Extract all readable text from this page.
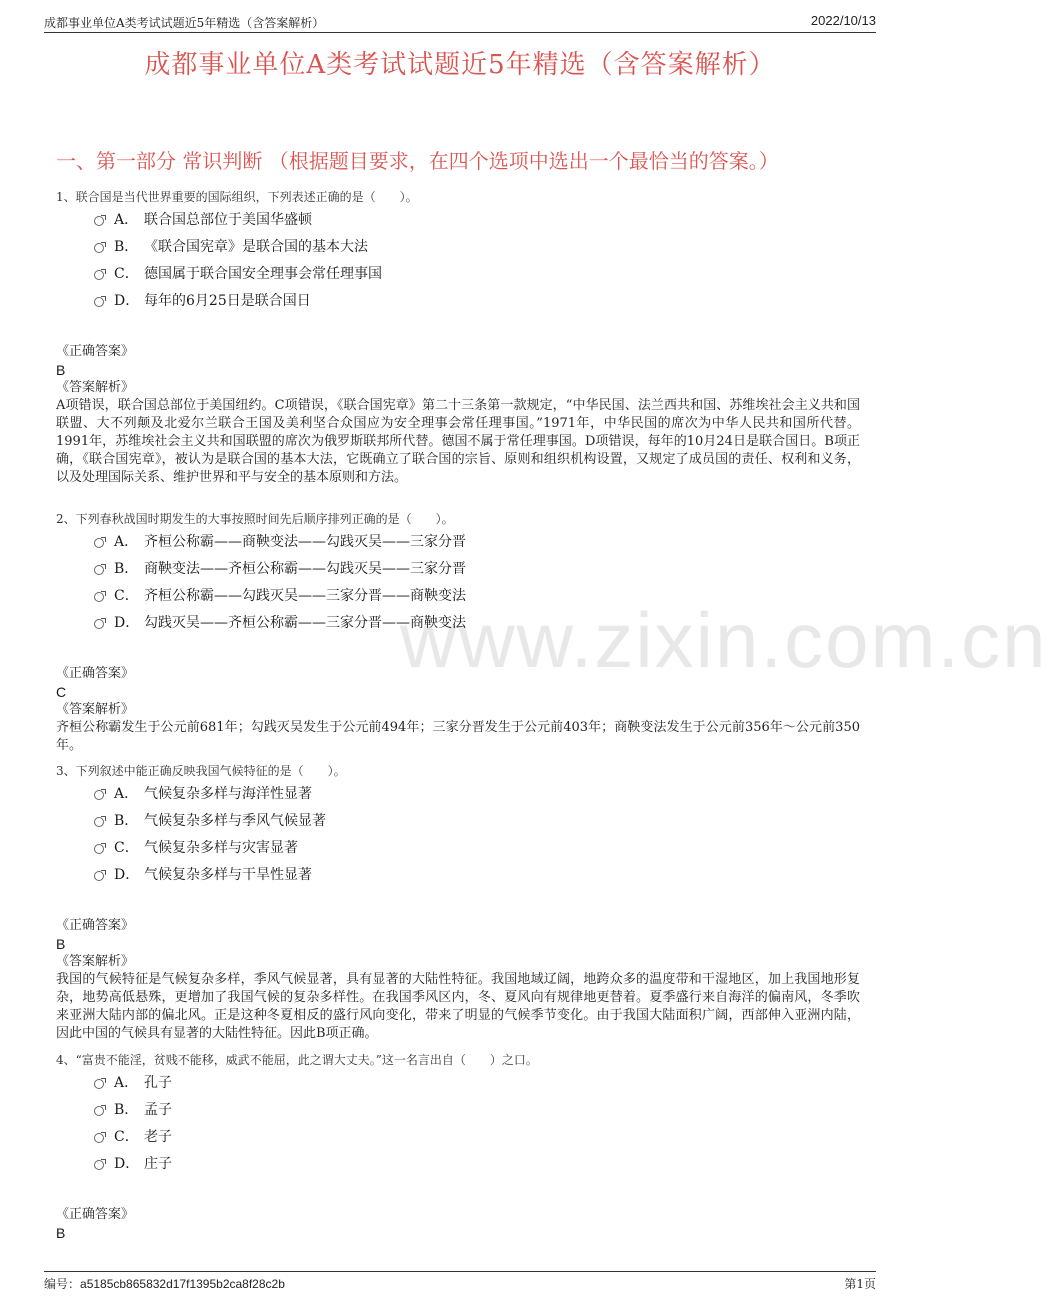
www.zixin.com.cn
成都事业单位A类考试试题近5年精选（含答案解析）	2022/10/13
成都事业单位A类考试试题近5年精选（含答案解析）
一、第一部分 常识判断 （根据题目要求，在四个选项中选出一个最恰当的答案。）

1、联合国是当代世界重要的国际组织，下列表述正确的是（　　）。

A． 联合国总部位于美国华盛顿
B． 《联合国宪章》是联合国的基本大法
C． 德国属于联合国安全理事会常任理事国
D． 每年的6月25日是联合国日

《正确答案》

B

《答案解析》

A项错误，联合国总部位于美国纽约。C项错误，《联合国宪章》第二十三条第一款规定，“中华民国、法兰西共和国、苏维埃社会主义共和国联盟、大不列颠及北爱尔兰联合王国及美利坚合众国应为安全理事会常任理事国。”1971年，中华民国的席次为中华人民共和国所代替。1991年，苏维埃社会主义共和国联盟的席次为俄罗斯联邦所代替。德国不属于常任理事国。D项错误，每年的10月24日是联合国日。B项正确，《联合国宪章》，被认为是联合国的基本大法，它既确立了联合国的宗旨、原则和组织机构设置，又规定了成员国的责任、权利和义务，以及处理国际关系、维护世界和平与安全的基本原则和方法。

2、下列春秋战国时期发生的大事按照时间先后顺序排列正确的是（　　）。

A． 齐桓公称霸——商鞅变法——勾践灭吴——三家分晋
B． 商鞅变法——齐桓公称霸——勾践灭吴——三家分晋
C． 齐桓公称霸——勾践灭吴——三家分晋——商鞅变法
D． 勾践灭吴——齐桓公称霸——三家分晋——商鞅变法

《正确答案》

C

《答案解析》

齐桓公称霸发生于公元前681年；勾践灭吴发生于公元前494年；三家分晋发生于公元前403年；商鞅变法发生于公元前356年～公元前350年。

3、下列叙述中能正确反映我国气候特征的是（　　）。

A． 气候复杂多样与海洋性显著
B． 气候复杂多样与季风气候显著
C． 气候复杂多样与灾害显著
D． 气候复杂多样与干旱性显著

《正确答案》

B

《答案解析》

我国的气候特征是气候复杂多样，季风气候显著，具有显著的大陆性特征。我国地域辽阔，地跨众多的温度带和干湿地区，加上我国地形复杂，地势高低悬殊，更增加了我国气候的复杂多样性。在我国季风区内，冬、夏风向有规律地更替着。夏季盛行来自海洋的偏南风，冬季吹来亚洲大陆内部的偏北风。正是这种冬夏相反的盛行风向变化，带来了明显的气候季节变化。由于我国大陆面积广阔，西部伸入亚洲内陆，因此中国的气候具有显著的大陆性特征。因此B项正确。

4、“富贵不能淫，贫贱不能移，威武不能屈，此之谓大丈夫。”这一名言出自（　　）之口。

A． 孔子
B． 孟子
C． 老子
D． 庄子

《正确答案》

B

编号：a5185cb865832d17f1395b2ca8f28c2b	第1页
